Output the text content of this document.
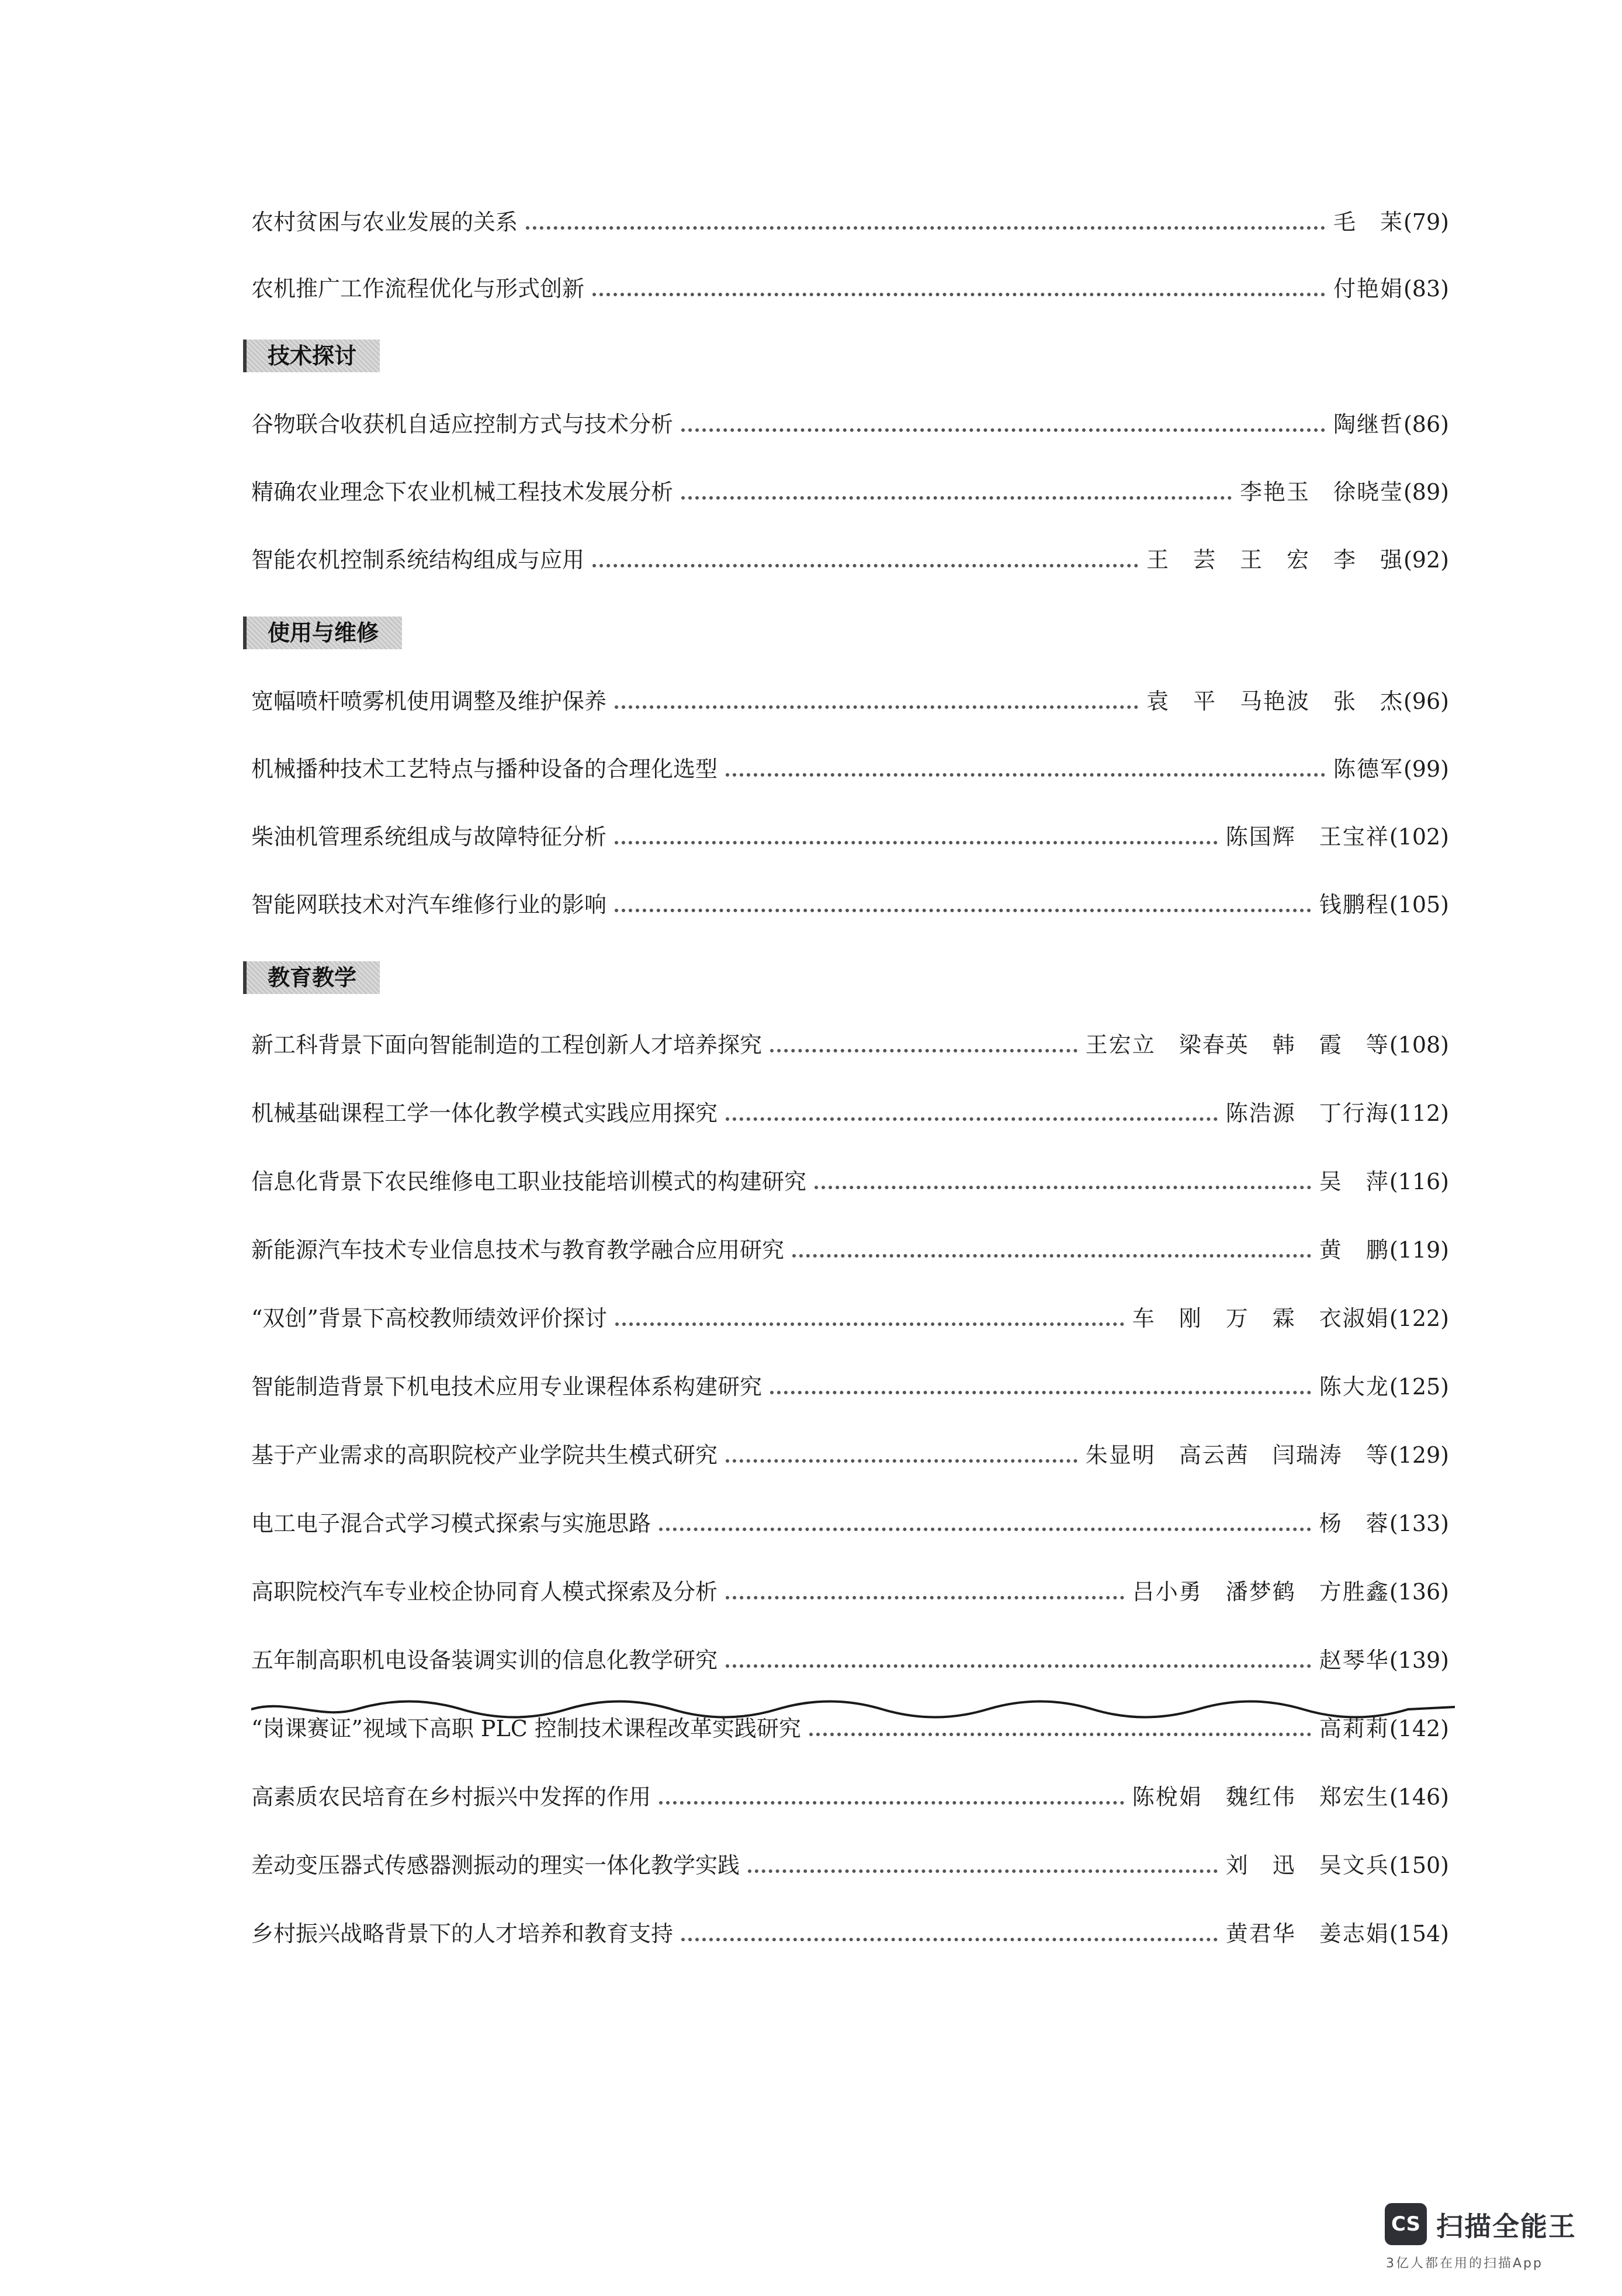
农村贫困与农业发展的关系	毛　苿 (79)
农机推广工作流程优化与形式创新	付艳娟 (83)
技术探讨
谷物联合收获机自适应控制方式与技术分析	陶继哲 (86)
精确农业理念下农业机械工程技术发展分析	李艳玉　徐晓莹 (89)
智能农机控制系统结构组成与应用	王　芸　王　宏　李　强 (92)
使用与维修
宽幅喷杆喷雾机使用调整及维护保养	袁　平　马艳波　张　杰 (96)
机械播种技术工艺特点与播种设备的合理化选型	陈德军 (99)
柴油机管理系统组成与故障特征分析	陈国辉　王宝祥 (102)
智能网联技术对汽车维修行业的影响	钱鹏程 (105)
教育教学
新工科背景下面向智能制造的工程创新人才培养探究	王宏立　梁春英　韩　霞　等 (108)
机械基础课程工学一体化教学模式实践应用探究	陈浩源　丁行海 (112)
信息化背景下农民维修电工职业技能培训模式的构建研究	吴　萍 (116)
新能源汽车技术专业信息技术与教育教学融合应用研究	黄　鹏 (119)
“双创”背景下高校教师绩效评价探讨	车　刚　万　霖　衣淑娟 (122)
智能制造背景下机电技术应用专业课程体系构建研究	陈大龙 (125)
基于产业需求的高职院校产业学院共生模式研究	朱显明　高云茜　闫瑞涛　等 (129)
电工电子混合式学习模式探索与实施思路	杨　蓉 (133)
高职院校汽车专业校企协同育人模式探索及分析	吕小勇　潘梦鹤　方胜鑫 (136)
五年制高职机电设备装调实训的信息化教学研究	赵琴华 (139)
“岗课赛证”视域下高职 PLC 控制技术课程改革实践研究	高莉莉 (142)
高素质农民培育在乡村振兴中发挥的作用	陈梲娟　魏红伟　郑宏生 (146)
差动变压器式传感器测振动的理实一体化教学实践	刘　迅　吴文兵 (150)
乡村振兴战略背景下的人才培养和教育支持	黄君华　姜志娟 (154)
CS 扫描全能王
3亿人都在用的扫描App
